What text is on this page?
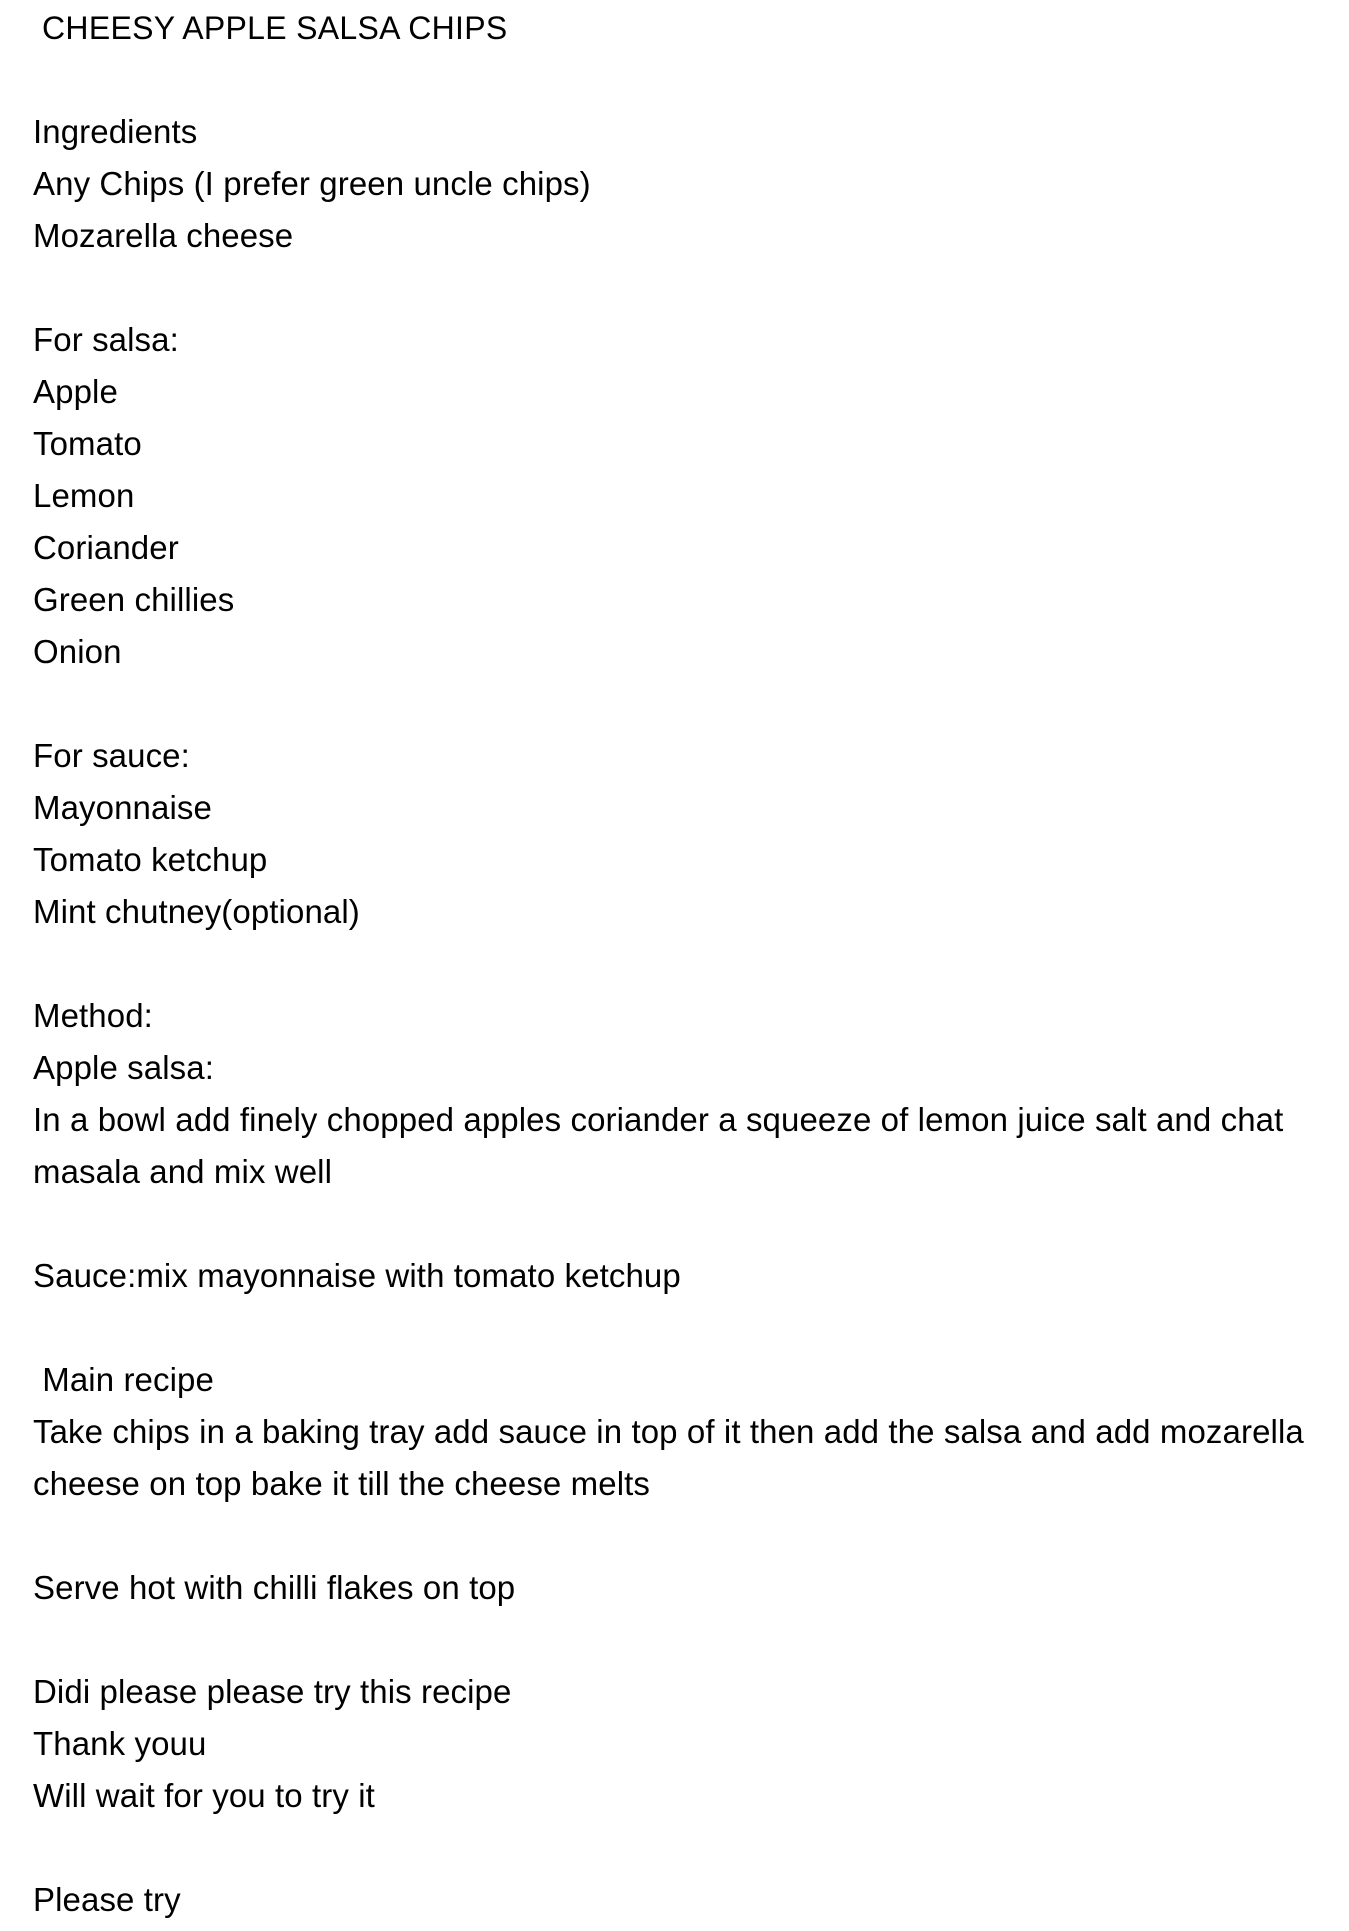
CHEESY APPLE SALSA CHIPS
Ingredients
Any Chips (I prefer green uncle chips)
Mozarella cheese
For salsa:
Apple
Tomato
Lemon
Coriander
Green chillies
Onion
For sauce:
Mayonnaise
Tomato ketchup
Mint chutney(optional)
Method:
Apple salsa:
In a bowl add finely chopped apples coriander a squeeze of lemon juice salt and chat
masala and mix well
Sauce:mix mayonnaise with tomato ketchup
Main recipe
Take chips in a baking tray add sauce in top of it then add the salsa and add mozarella
cheese on top bake it till the cheese melts
Serve hot with chilli flakes on top
Didi please please try this recipe
Thank youu
Will wait for you to try it
Please try
